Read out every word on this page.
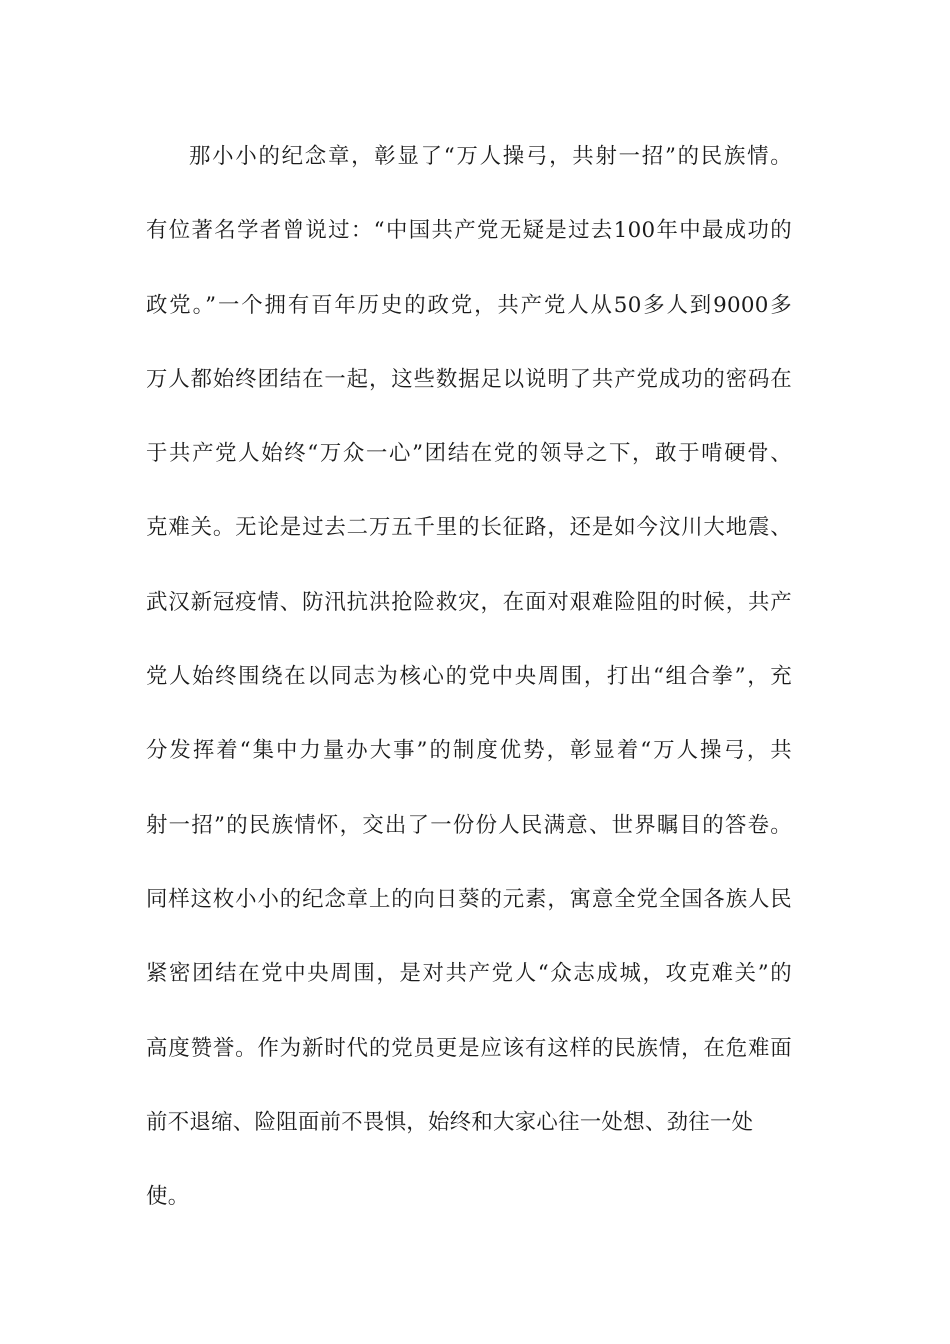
那小小的纪念章，彰显了“万人操弓，共射一招”的民族情。
有位著名学者曾说过：“中国共产党无疑是过去100年中最成功的
政党。”一个拥有百年历史的政党，共产党人从50多人到9000多
万人都始终团结在一起，这些数据足以说明了共产党成功的密码在
于共产党人始终“万众一心”团结在党的领导之下，敢于啃硬骨、
克难关。无论是过去二万五千里的长征路，还是如今汶川大地震、
武汉新冠疫情、防汛抗洪抢险救灾，在面对艰难险阻的时候，共产
党人始终围绕在以同志为核心的党中央周围，打出“组合拳”，充
分发挥着“集中力量办大事”的制度优势，彰显着“万人操弓，共
射一招”的民族情怀，交出了一份份人民满意、世界瞩目的答卷。
同样这枚小小的纪念章上的向日葵的元素，寓意全党全国各族人民
紧密团结在党中央周围，是对共产党人“众志成城，攻克难关”的
高度赞誉。作为新时代的党员更是应该有这样的民族情，在危难面
前不退缩、险阻面前不畏惧，始终和大家心往一处想、劲往一处
使。
